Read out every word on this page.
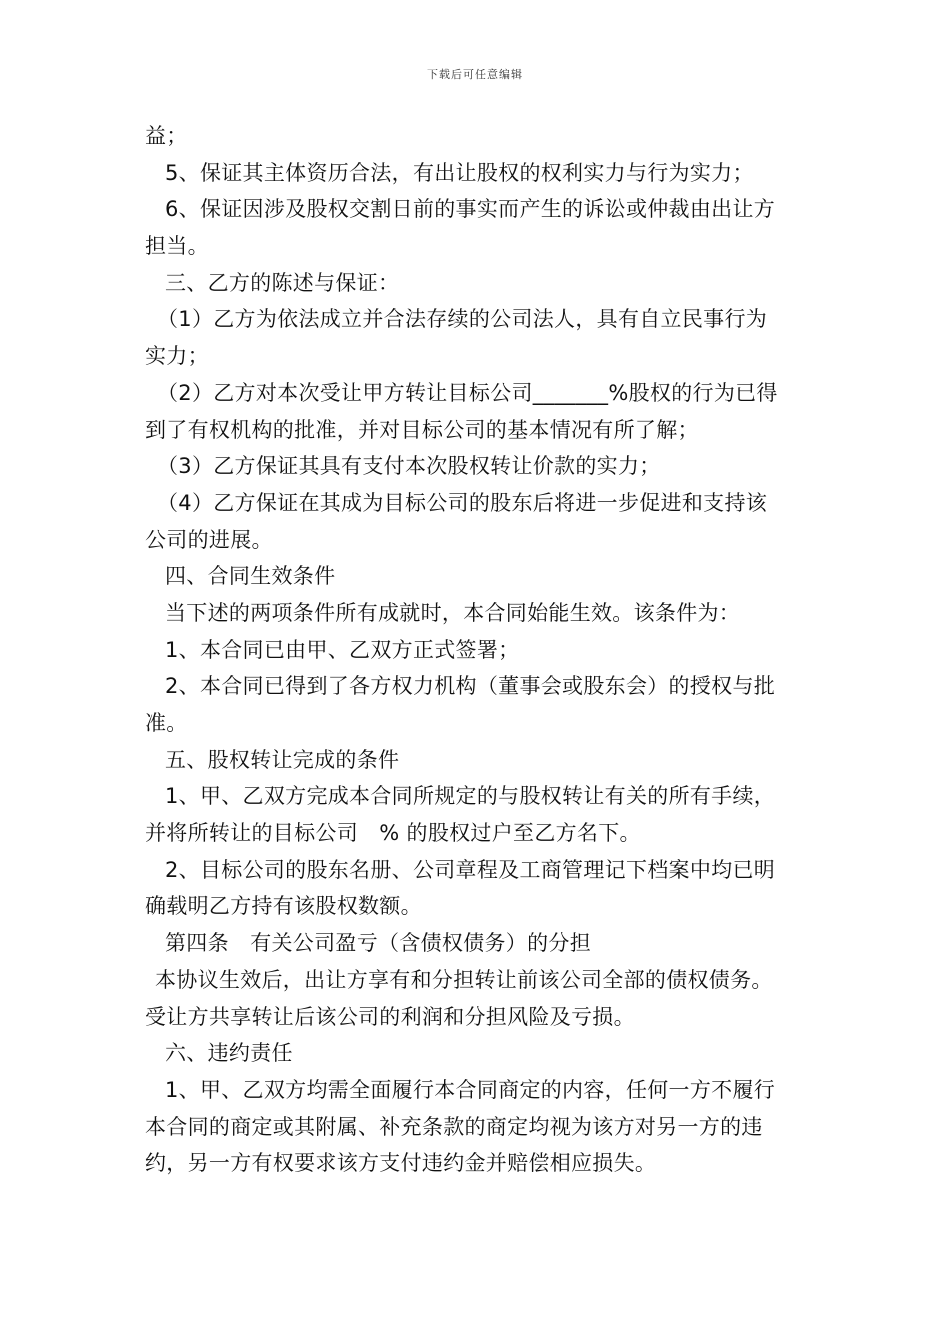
下载后可任意编辑
益；
5、保证其主体资历合法，有出让股权的权利实力与行为实力；
6、保证因涉及股权交割日前的事实而产生的诉讼或仲裁由出让方
担当。
三、乙方的陈述与保证：
（1）乙方为依法成立并合法存续的公司法人，具有自立民事行为
实力；
（2）乙方对本次受让甲方转让目标公司_______%股权的行为已得
到了有权机构的批准，并对目标公司的基本情况有所了解；
（3）乙方保证其具有支付本次股权转让价款的实力；
（4）乙方保证在其成为目标公司的股东后将进一步促进和支持该
公司的进展。
四、合同生效条件
当下述的两项条件所有成就时，本合同始能生效。该条件为：
1、本合同已由甲、乙双方正式签署；
2、本合同已得到了各方权力机构（董事会或股东会）的授权与批
准。
五、股权转让完成的条件
1、甲、乙双方完成本合同所规定的与股权转让有关的所有手续，
并将所转让的目标公司　% 的股权过户至乙方名下。
2、目标公司的股东名册、公司章程及工商管理记下档案中均已明
确载明乙方持有该股权数额。
第四条　有关公司盈亏（含债权债务）的分担
本协议生效后，出让方享有和分担转让前该公司全部的债权债务。
受让方共享转让后该公司的利润和分担风险及亏损。
六、违约责任
1、甲、乙双方均需全面履行本合同商定的内容，任何一方不履行
本合同的商定或其附属、补充条款的商定均视为该方对另一方的违
约，另一方有权要求该方支付违约金并赔偿相应损失。
